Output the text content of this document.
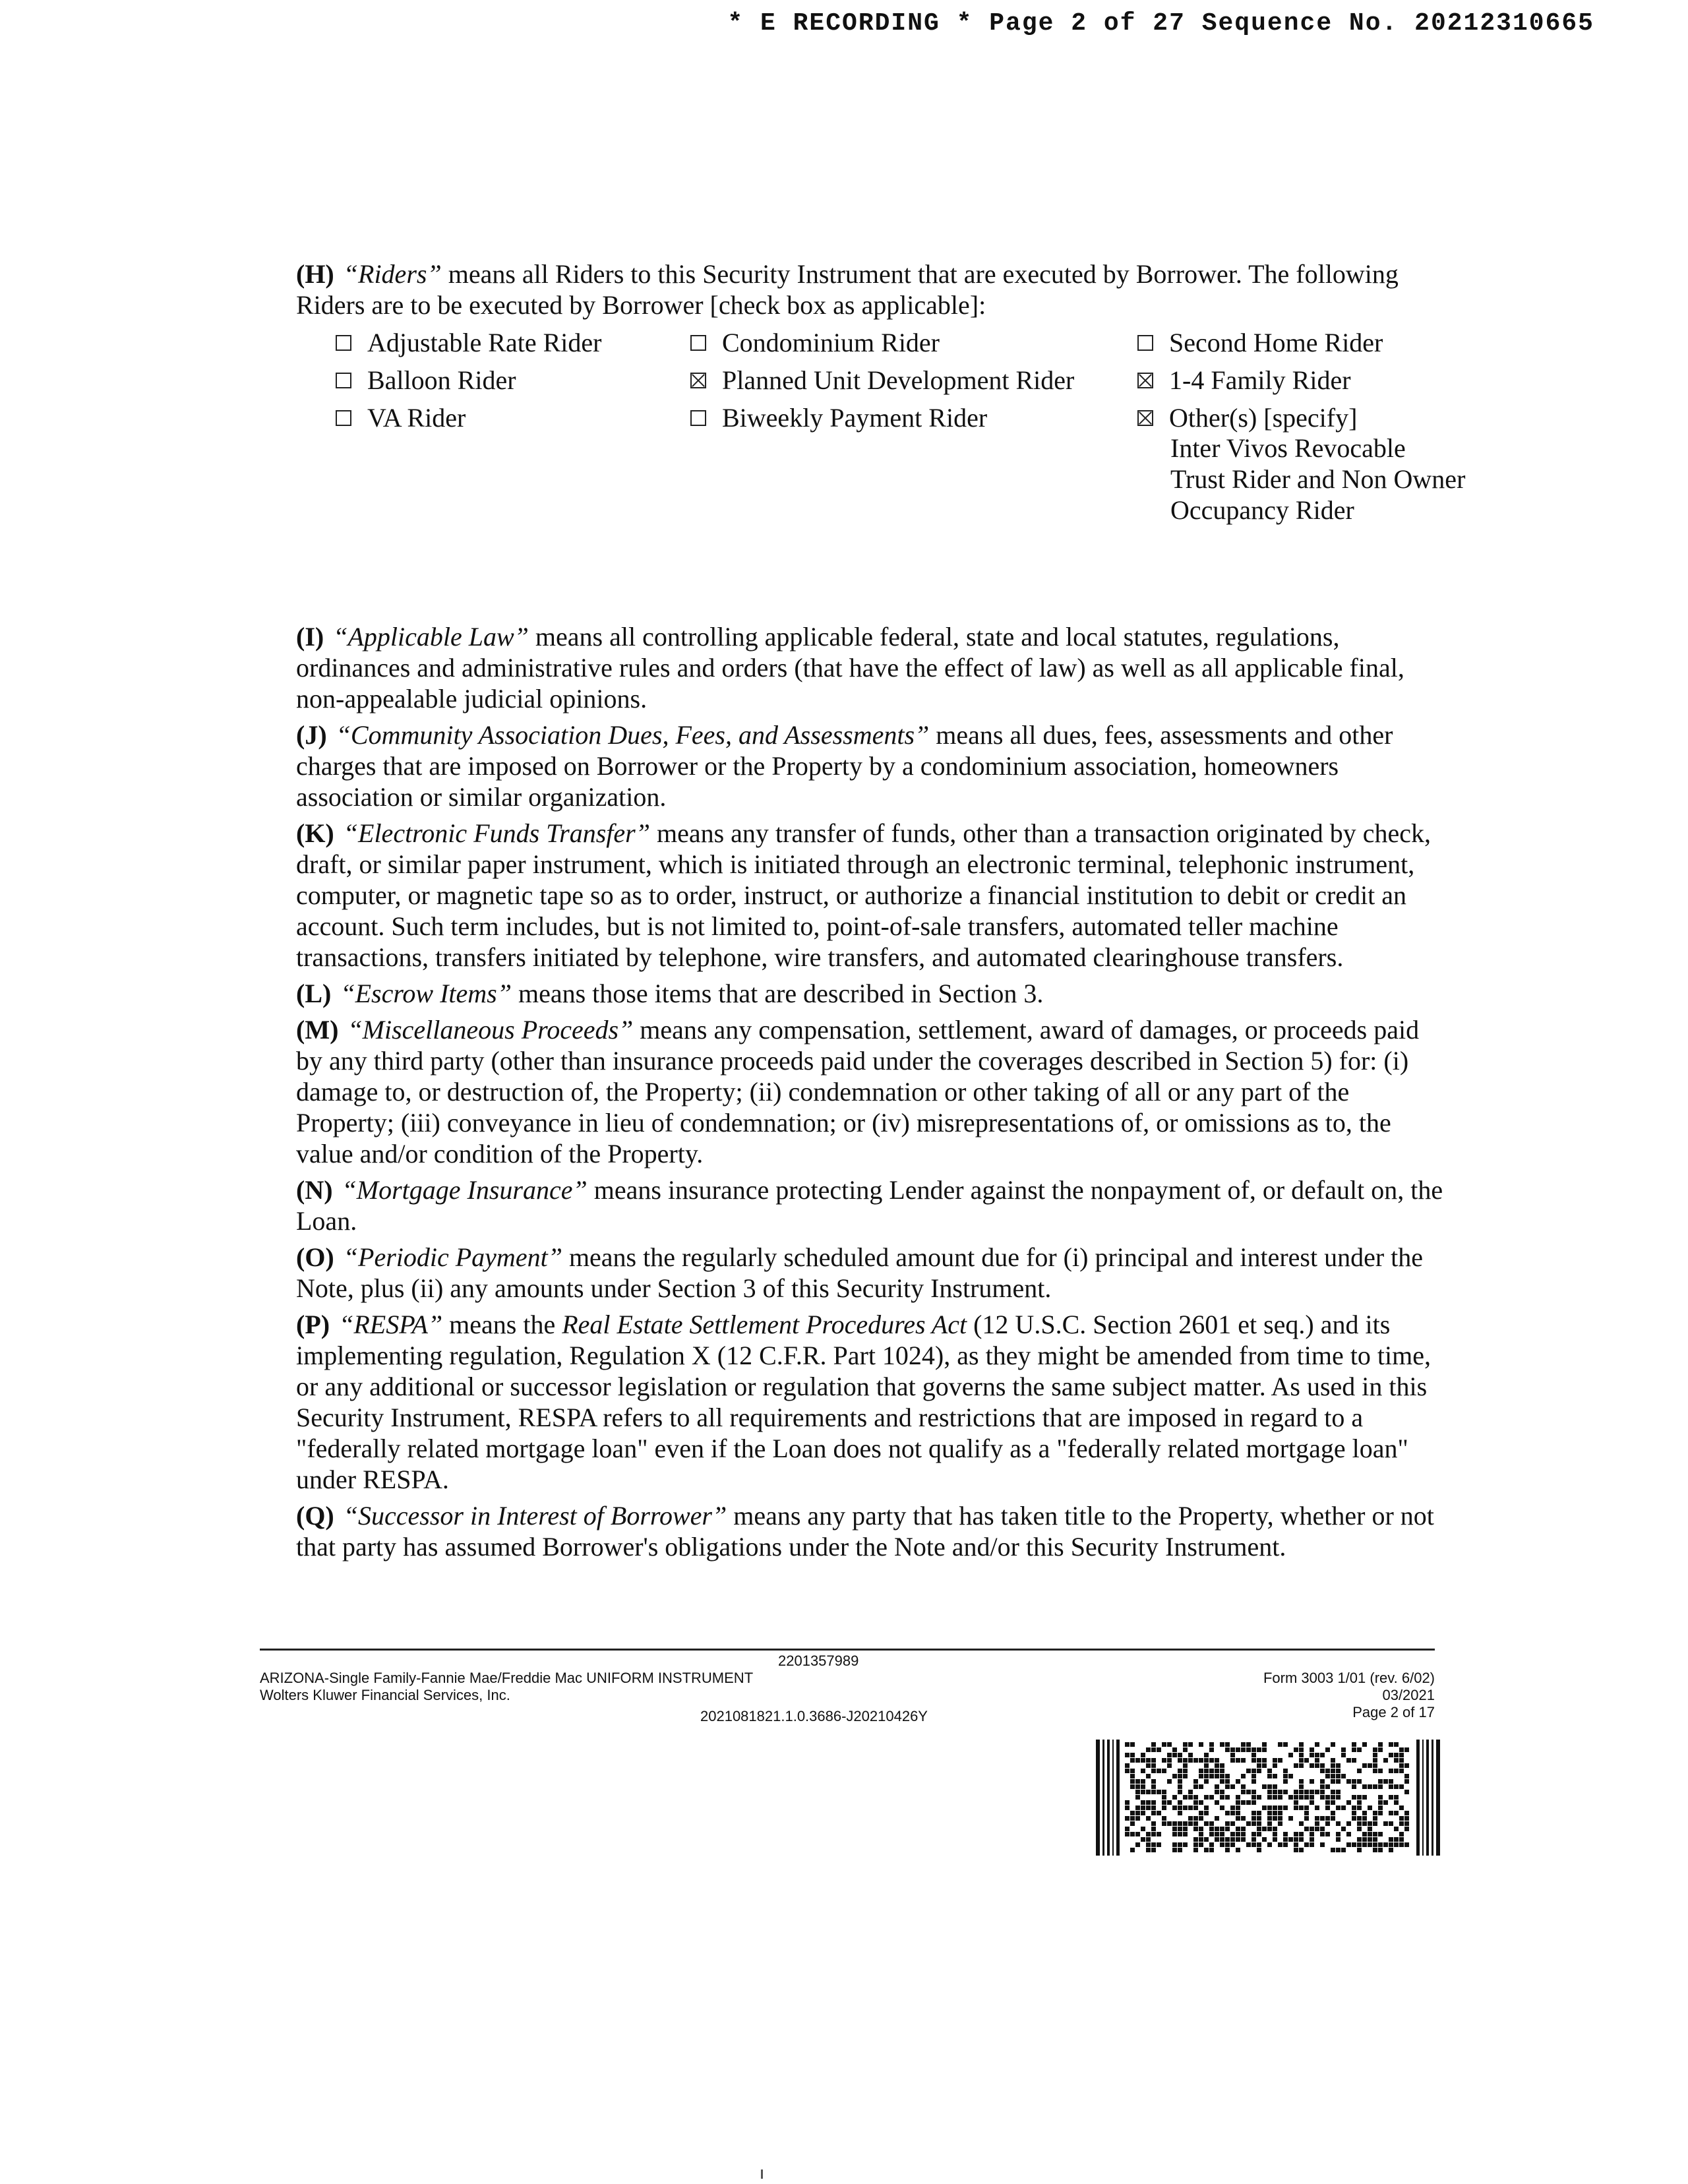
* E RECORDING * Page 2 of 27 Sequence No. 20212310665

(H) “Riders” means all Riders to this Security Instrument that are executed by Borrower. The following Riders are to be executed by Borrower [check box as applicable]:

Adjustable Rate Rider	Condominium Rider	Second Home Rider
Balloon Rider	Planned Unit Development Rider	1-4 Family Rider
VA Rider	Biweekly Payment Rider	Other(s) [specify]
Inter Vivos Revocable
Trust Rider and Non Owner
Occupancy Rider

(I) “Applicable Law” means all controlling applicable federal, state and local statutes, regulations, ordinances and administrative rules and orders (that have the effect of law) as well as all applicable final, non-appealable judicial opinions.

(J) “Community Association Dues, Fees, and Assessments” means all dues, fees, assessments and other charges that are imposed on Borrower or the Property by a condominium association, homeowners association or similar organization.

(K) “Electronic Funds Transfer” means any transfer of funds, other than a transaction originated by check, draft, or similar paper instrument, which is initiated through an electronic terminal, telephonic instrument, computer, or magnetic tape so as to order, instruct, or authorize a financial institution to debit or credit an account. Such term includes, but is not limited to, point-of-sale transfers, automated teller machine transactions, transfers initiated by telephone, wire transfers, and automated clearinghouse transfers.

(L) “Escrow Items” means those items that are described in Section 3.

(M) “Miscellaneous Proceeds” means any compensation, settlement, award of damages, or proceeds paid by any third party (other than insurance proceeds paid under the coverages described in Section 5) for: (i) damage to, or destruction of, the Property; (ii) condemnation or other taking of all or any part of the Property; (iii) conveyance in lieu of condemnation; or (iv) misrepresentations of, or omissions as to, the value and/or condition of the Property.

(N) “Mortgage Insurance” means insurance protecting Lender against the nonpayment of, or default on, the Loan.

(O) “Periodic Payment” means the regularly scheduled amount due for (i) principal and interest under the Note, plus (ii) any amounts under Section 3 of this Security Instrument.

(P) “RESPA” means the Real Estate Settlement Procedures Act (12 U.S.C. Section 2601 et seq.) and its implementing regulation, Regulation X (12 C.F.R. Part 1024), as they might be amended from time to time, or any additional or successor legislation or regulation that governs the same subject matter. As used in this Security Instrument, RESPA refers to all requirements and restrictions that are imposed in regard to a "federally related mortgage loan" even if the Loan does not qualify as a "federally related mortgage loan" under RESPA.

(Q) “Successor in Interest of Borrower” means any party that has taken title to the Property, whether or not that party has assumed Borrower's obligations under the Note and/or this Security Instrument.

2201357989
ARIZONA-Single Family-Fannie Mae/Freddie Mac UNIFORM INSTRUMENT
Wolters Kluwer Financial Services, Inc.
2021081821.1.0.3686-J20210426Y
Form 3003 1/01 (rev. 6/02)
03/2021
Page 2 of 17
